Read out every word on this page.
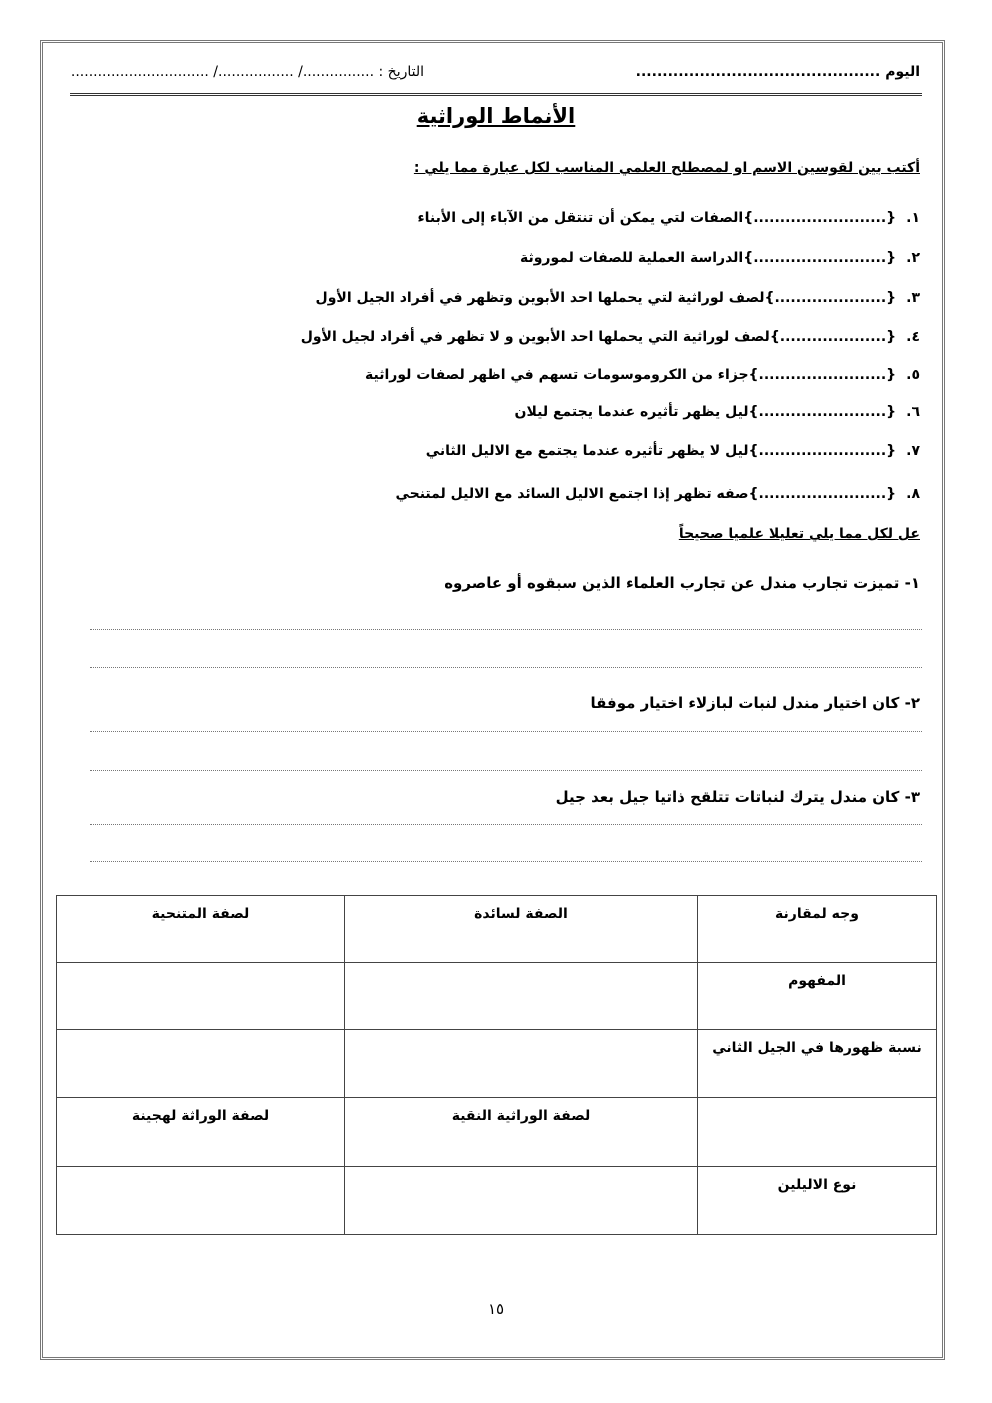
اليوم ..............................................
التاريخ : ................/ ................./ ...............................
الأنماط الوراثية
أكتب بين لقوسين الاسم او لمصطلح العلمي المناسب لكل عبارة مما يلي :
١.{.........................}الصفات لتي يمكن أن تنتقل من الآباء إلى الأبناء
٢.{.........................}الدراسة العملية للصفات لموروثة
٣.{.....................}لصف لوراثية لتي يحملها احد الأبوين وتظهر في أفراد الجيل الأول
٤.{....................}لصف لوراثية التي يحملها احد الأبوين و لا تظهر في أفراد لجيل الأول
٥.{........................}جزاء من الكروموسومات تسهم في اظهر لصفات لوراثية
٦.{........................}ليل يظهر تأثيره عندما يجتمع ليلان
٧.{........................}ليل لا يظهر تأثيره عندما يجتمع مع الاليل الثاني
٨.{........................}صفه تظهر إذا اجتمع الاليل السائد مع الاليل لمتنحي
عل لكل مما يلي تعليلا علميا صحيحاً
١- تميزت تجارب مندل عن تجارب العلماء الذين سبقوه أو عاصروه
٢- كان اختيار مندل لنبات لبازلاء اختيار موفقا
٣- كان مندل يترك لنباتات تتلقح ذاتيا جيل بعد جيل
وجه لمقارنة	الصفة لسائدة	لصفة المتنحية
المفهوم		
نسبة ظهورها في الجيل الثاني		
	لصفة الوراثية النقية	لصفة الوراثة لهجينة
نوع الاليلين		
١٥
